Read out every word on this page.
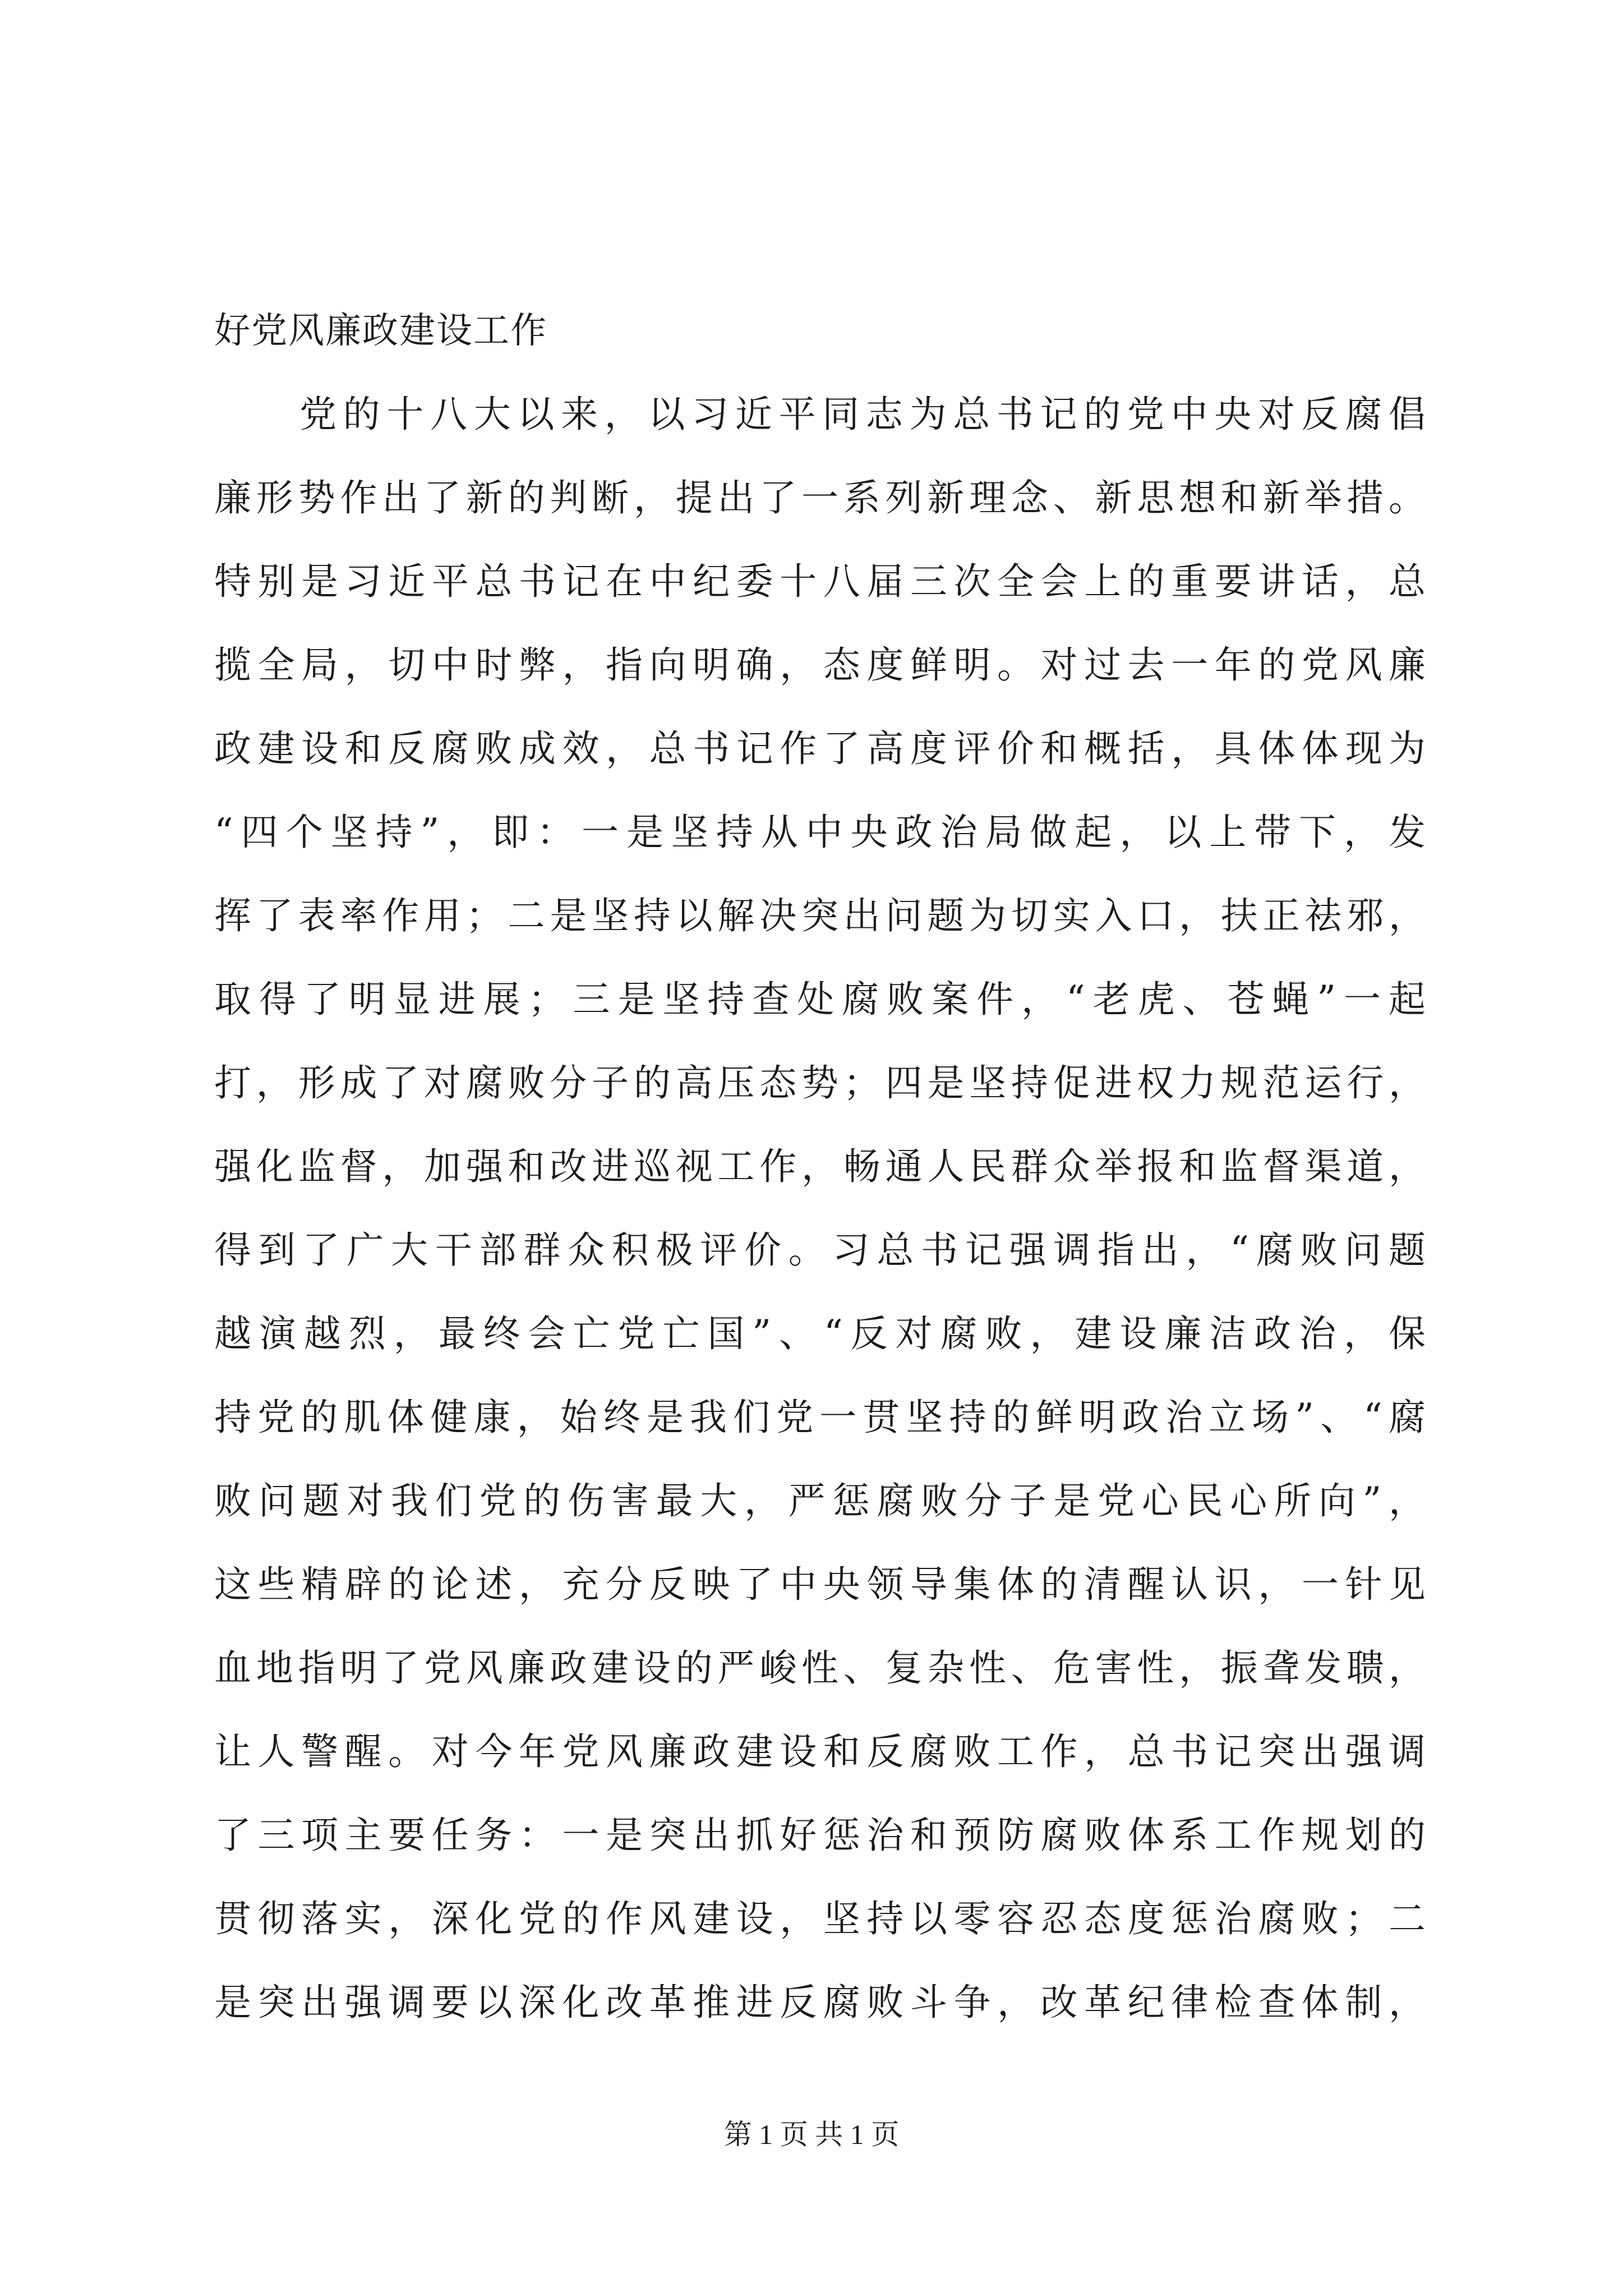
好党风廉政建设工作
党的十八大以来，以习近平同志为总书记的党中央对反腐倡
廉形势作出了新的判断，提出了一系列新理念、新思想和新举措。
特别是习近平总书记在中纪委十八届三次全会上的重要讲话，总
揽全局，切中时弊，指向明确，态度鲜明。对过去一年的党风廉
政建设和反腐败成效，总书记作了高度评价和概括，具体体现为
“四个坚持”，即：一是坚持从中央政治局做起，以上带下，发
挥了表率作用；二是坚持以解决突出问题为切实入口，扶正祛邪，
取得了明显进展；三是坚持查处腐败案件，“老虎、苍蝇”一起
打，形成了对腐败分子的高压态势；四是坚持促进权力规范运行，
强化监督，加强和改进巡视工作，畅通人民群众举报和监督渠道，
得到了广大干部群众积极评价。习总书记强调指出，“腐败问题
越演越烈，最终会亡党亡国”、“反对腐败，建设廉洁政治，保
持党的肌体健康，始终是我们党一贯坚持的鲜明政治立场”、“腐
败问题对我们党的伤害最大，严惩腐败分子是党心民心所向”，
这些精辟的论述，充分反映了中央领导集体的清醒认识，一针见
血地指明了党风廉政建设的严峻性、复杂性、危害性，振聋发聩，
让人警醒。对今年党风廉政建设和反腐败工作，总书记突出强调
了三项主要任务：一是突出抓好惩治和预防腐败体系工作规划的
贯彻落实，深化党的作风建设，坚持以零容忍态度惩治腐败；二
是突出强调要以深化改革推进反腐败斗争，改革纪律检查体制，
第 1 页 共 1 页
